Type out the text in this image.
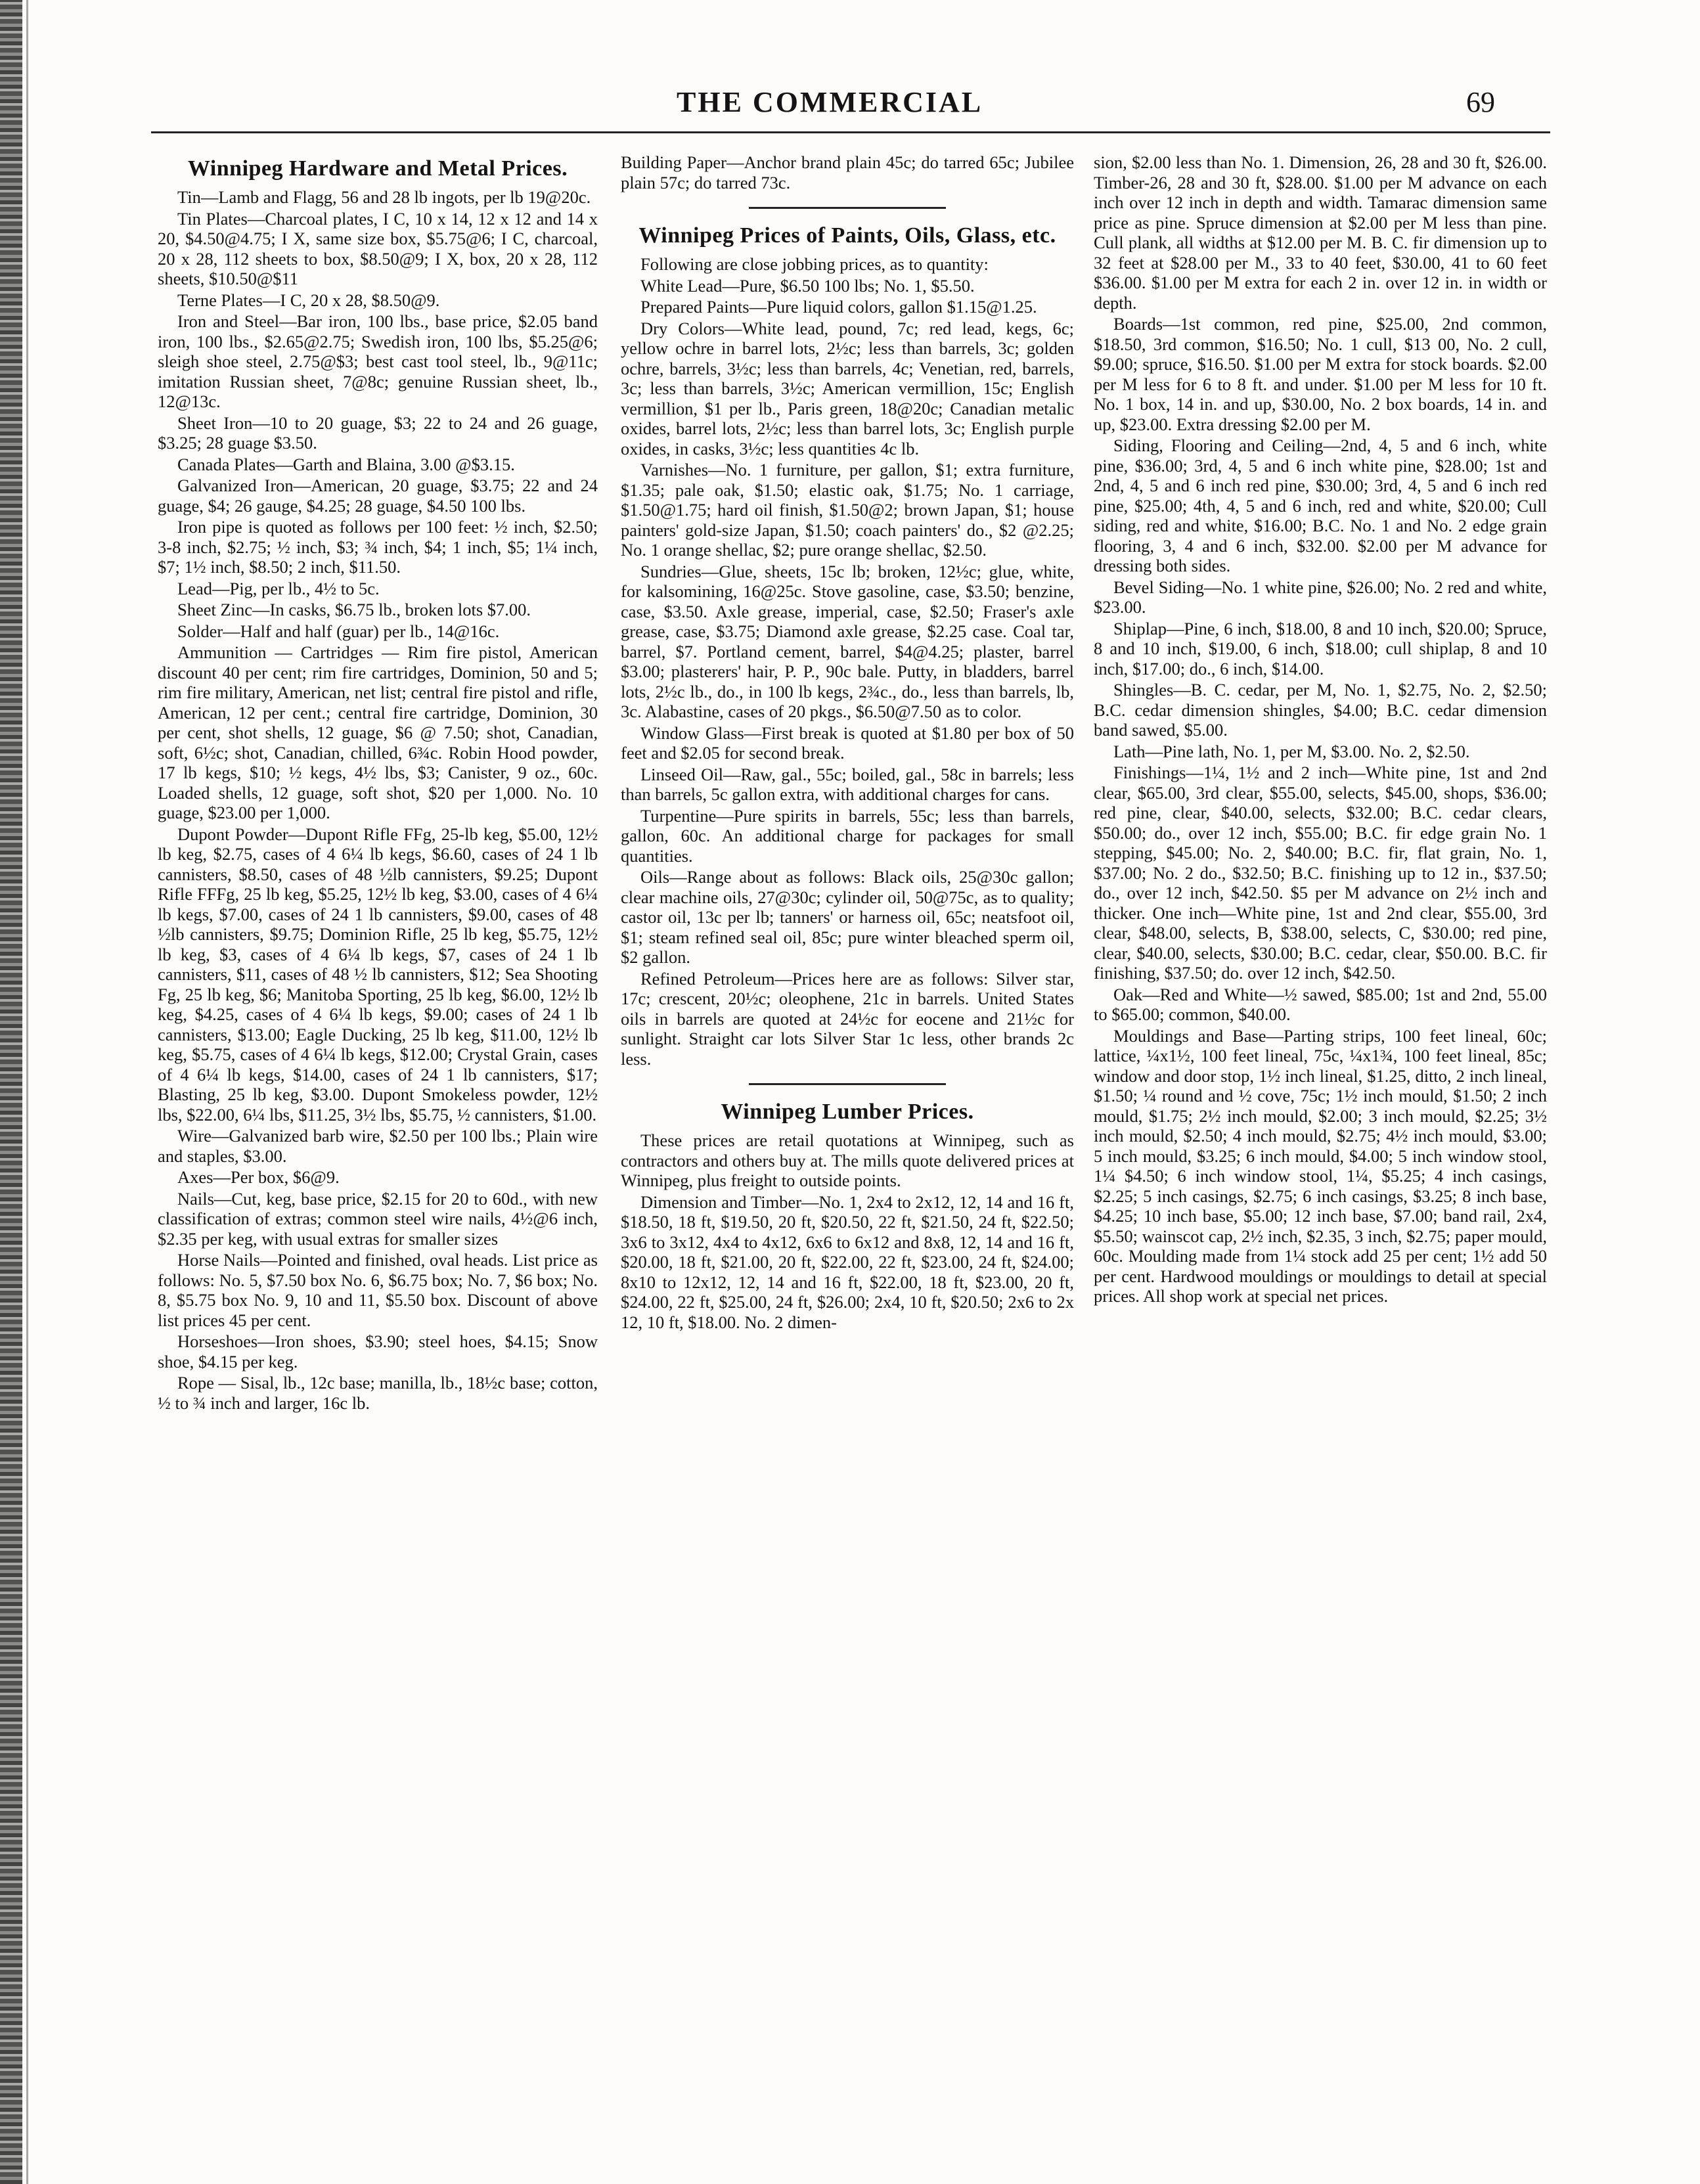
THE COMMERCIAL	69
Winnipeg Hardware and Metal Prices.

Tin—Lamb and Flagg, 56 and 28 lb ingots, per lb 19@20c.

Tin Plates—Charcoal plates, I C, 10 x 14, 12 x 12 and 14 x 20, $4.50@4.75; I X, same size box, $5.75@6; I C, charcoal, 20 x 28, 112 sheets to box, $8.50@9; I X, box, 20 x 28, 112 sheets, $10.50@$11

Terne Plates—I C, 20 x 28, $8.50@9.

Iron and Steel—Bar iron, 100 lbs., base price, $2.05 band iron, 100 lbs., $2.65@2.75; Swedish iron, 100 lbs, $5.25@6; sleigh shoe steel, 2.75@$3; best cast tool steel, lb., 9@11c; imitation Russian sheet, 7@8c; genuine Russian sheet, lb., 12@13c.

Sheet Iron—10 to 20 guage, $3; 22 to 24 and 26 guage, $3.25; 28 guage $3.50.

Canada Plates—Garth and Blaina, 3.00 @$3.15.

Galvanized Iron—American, 20 guage, $3.75; 22 and 24 guage, $4; 26 gauge, $4.25; 28 guage, $4.50 100 lbs.

Iron pipe is quoted as follows per 100 feet: ½ inch, $2.50; 3-8 inch, $2.75; ½ inch, $3; ¾ inch, $4; 1 inch, $5; 1¼ inch, $7; 1½ inch, $8.50; 2 inch, $11.50.

Lead—Pig, per lb., 4½ to 5c.

Sheet Zinc—In casks, $6.75 lb., broken lots $7.00.

Solder—Half and half (guar) per lb., 14@16c.

Ammunition — Cartridges — Rim fire pistol, American discount 40 per cent; rim fire cartridges, Dominion, 50 and 5; rim fire military, American, net list; central fire pistol and rifle, American, 12 per cent.; central fire cartridge, Dominion, 30 per cent, shot shells, 12 guage, $6 @ 7.50; shot, Canadian, soft, 6½c; shot, Canadian, chilled, 6¾c. Robin Hood powder, 17 lb kegs, $10; ½ kegs, 4½ lbs, $3; Canister, 9 oz., 60c. Loaded shells, 12 guage, soft shot, $20 per 1,000. No. 10 guage, $23.00 per 1,000.

Dupont Powder—Dupont Rifle FFg, 25-lb keg, $5.00, 12½ lb keg, $2.75, cases of 4 6¼ lb kegs, $6.60, cases of 24 1 lb cannisters, $8.50, cases of 48 ½lb cannisters, $9.25; Dupont Rifle FFFg, 25 lb keg, $5.25, 12½ lb keg, $3.00, cases of 4 6¼ lb kegs, $7.00, cases of 24 1 lb cannisters, $9.00, cases of 48 ½lb cannisters, $9.75; Dominion Rifle, 25 lb keg, $5.75, 12½ lb keg, $3, cases of 4 6¼ lb kegs, $7, cases of 24 1 lb cannisters, $11, cases of 48 ½ lb cannisters, $12; Sea Shooting Fg, 25 lb keg, $6; Manitoba Sporting, 25 lb keg, $6.00, 12½ lb keg, $4.25, cases of 4 6¼ lb kegs, $9.00; cases of 24 1 lb cannisters, $13.00; Eagle Ducking, 25 lb keg, $11.00, 12½ lb keg, $5.75, cases of 4 6¼ lb kegs, $12.00; Crystal Grain, cases of 4 6¼ lb kegs, $14.00, cases of 24 1 lb cannisters, $17; Blasting, 25 lb keg, $3.00. Dupont Smokeless powder, 12½ lbs, $22.00, 6¼ lbs, $11.25, 3½ lbs, $5.75, ½ cannisters, $1.00.

Wire—Galvanized barb wire, $2.50 per 100 lbs.; Plain wire and staples, $3.00.

Axes—Per box, $6@9.

Nails—Cut, keg, base price, $2.15 for 20 to 60d., with new classification of extras; common steel wire nails, 4½@6 inch, $2.35 per keg, with usual extras for smaller sizes

Horse Nails—Pointed and finished, oval heads. List price as follows: No. 5, $7.50 box No. 6, $6.75 box; No. 7, $6 box; No. 8, $5.75 box No. 9, 10 and 11, $5.50 box. Discount of above list prices 45 per cent.

Horseshoes—Iron shoes, $3.90; steel hoes, $4.15; Snow shoe, $4.15 per keg.

Rope — Sisal, lb., 12c base; manilla, lb., 18½c base; cotton, ½ to ¾ inch and larger, 16c lb.

Building Paper—Anchor brand plain 45c; do tarred 65c; Jubilee plain 57c; do tarred 73c.

Winnipeg Prices of Paints, Oils, Glass, etc.

Following are close jobbing prices, as to quantity:

White Lead—Pure, $6.50 100 lbs; No. 1, $5.50.

Prepared Paints—Pure liquid colors, gallon $1.15@1.25.

Dry Colors—White lead, pound, 7c; red lead, kegs, 6c; yellow ochre in barrel lots, 2½c; less than barrels, 3c; golden ochre, barrels, 3½c; less than barrels, 4c; Venetian, red, barrels, 3c; less than barrels, 3½c; American vermillion, 15c; English vermillion, $1 per lb., Paris green, 18@20c; Canadian metalic oxides, barrel lots, 2½c; less than barrel lots, 3c; English purple oxides, in casks, 3½c; less quantities 4c lb.

Varnishes—No. 1 furniture, per gallon, $1; extra furniture, $1.35; pale oak, $1.50; elastic oak, $1.75; No. 1 carriage, $1.50@1.75; hard oil finish, $1.50@2; brown Japan, $1; house painters' gold-size Japan, $1.50; coach painters' do., $2 @2.25; No. 1 orange shellac, $2; pure orange shellac, $2.50.

Sundries—Glue, sheets, 15c lb; broken, 12½c; glue, white, for kalsomining, 16@25c. Stove gasoline, case, $3.50; benzine, case, $3.50. Axle grease, imperial, case, $2.50; Fraser's axle grease, case, $3.75; Diamond axle grease, $2.25 case. Coal tar, barrel, $7. Portland cement, barrel, $4@4.25; plaster, barrel $3.00; plasterers' hair, P. P., 90c bale. Putty, in bladders, barrel lots, 2½c lb., do., in 100 lb kegs, 2¾c., do., less than barrels, lb, 3c. Alabastine, cases of 20 pkgs., $6.50@7.50 as to color.

Window Glass—First break is quoted at $1.80 per box of 50 feet and $2.05 for second break.

Linseed Oil—Raw, gal., 55c; boiled, gal., 58c in barrels; less than barrels, 5c gallon extra, with additional charges for cans.

Turpentine—Pure spirits in barrels, 55c; less than barrels, gallon, 60c. An additional charge for packages for small quantities.

Oils—Range about as follows: Black oils, 25@30c gallon; clear machine oils, 27@30c; cylinder oil, 50@75c, as to quality; castor oil, 13c per lb; tanners' or harness oil, 65c; neatsfoot oil, $1; steam refined seal oil, 85c; pure winter bleached sperm oil, $2 gallon.

Refined Petroleum—Prices here are as follows: Silver star, 17c; crescent, 20½c; oleophene, 21c in barrels. United States oils in barrels are quoted at 24½c for eocene and 21½c for sunlight. Straight car lots Silver Star 1c less, other brands 2c less.

Winnipeg Lumber Prices.

These prices are retail quotations at Winnipeg, such as contractors and others buy at. The mills quote delivered prices at Winnipeg, plus freight to outside points.

Dimension and Timber—No. 1, 2x4 to 2x12, 12, 14 and 16 ft, $18.50, 18 ft, $19.50, 20 ft, $20.50, 22 ft, $21.50, 24 ft, $22.50; 3x6 to 3x12, 4x4 to 4x12, 6x6 to 6x12 and 8x8, 12, 14 and 16 ft, $20.00, 18 ft, $21.00, 20 ft, $22.00, 22 ft, $23.00, 24 ft, $24.00; 8x10 to 12x12, 12, 14 and 16 ft, $22.00, 18 ft, $23.00, 20 ft, $24.00, 22 ft, $25.00, 24 ft, $26.00; 2x4, 10 ft, $20.50; 2x6 to 2x 12, 10 ft, $18.00. No. 2 dimen-

sion, $2.00 less than No. 1. Dimension, 26, 28 and 30 ft, $26.00. Timber-26, 28 and 30 ft, $28.00. $1.00 per M advance on each inch over 12 inch in depth and width. Tamarac dimension same price as pine. Spruce dimension at $2.00 per M less than pine. Cull plank, all widths at $12.00 per M. B. C. fir dimension up to 32 feet at $28.00 per M., 33 to 40 feet, $30.00, 41 to 60 feet $36.00. $1.00 per M extra for each 2 in. over 12 in. in width or depth.

Boards—1st common, red pine, $25.00, 2nd common, $18.50, 3rd common, $16.50; No. 1 cull, $13 00, No. 2 cull, $9.00; spruce, $16.50. $1.00 per M extra for stock boards. $2.00 per M less for 6 to 8 ft. and under. $1.00 per M less for 10 ft. No. 1 box, 14 in. and up, $30.00, No. 2 box boards, 14 in. and up, $23.00. Extra dressing $2.00 per M.

Siding, Flooring and Ceiling—2nd, 4, 5 and 6 inch, white pine, $36.00; 3rd, 4, 5 and 6 inch white pine, $28.00; 1st and 2nd, 4, 5 and 6 inch red pine, $30.00; 3rd, 4, 5 and 6 inch red pine, $25.00; 4th, 4, 5 and 6 inch, red and white, $20.00; Cull siding, red and white, $16.00; B.C. No. 1 and No. 2 edge grain flooring, 3, 4 and 6 inch, $32.00. $2.00 per M advance for dressing both sides.

Bevel Siding—No. 1 white pine, $26.00; No. 2 red and white, $23.00.

Shiplap—Pine, 6 inch, $18.00, 8 and 10 inch, $20.00; Spruce, 8 and 10 inch, $19.00, 6 inch, $18.00; cull shiplap, 8 and 10 inch, $17.00; do., 6 inch, $14.00.

Shingles—B. C. cedar, per M, No. 1, $2.75, No. 2, $2.50; B.C. cedar dimension shingles, $4.00; B.C. cedar dimension band sawed, $5.00.

Lath—Pine lath, No. 1, per M, $3.00. No. 2, $2.50.

Finishings—1¼, 1½ and 2 inch—White pine, 1st and 2nd clear, $65.00, 3rd clear, $55.00, selects, $45.00, shops, $36.00; red pine, clear, $40.00, selects, $32.00; B.C. cedar clears, $50.00; do., over 12 inch, $55.00; B.C. fir edge grain No. 1 stepping, $45.00; No. 2, $40.00; B.C. fir, flat grain, No. 1, $37.00; No. 2 do., $32.50; B.C. finishing up to 12 in., $37.50; do., over 12 inch, $42.50. $5 per M advance on 2½ inch and thicker. One inch—White pine, 1st and 2nd clear, $55.00, 3rd clear, $48.00, selects, B, $38.00, selects, C, $30.00; red pine, clear, $40.00, selects, $30.00; B.C. cedar, clear, $50.00. B.C. fir finishing, $37.50; do. over 12 inch, $42.50.

Oak—Red and White—½ sawed, $85.00; 1st and 2nd, 55.00 to $65.00; common, $40.00.

Mouldings and Base—Parting strips, 100 feet lineal, 60c; lattice, ¼x1½, 100 feet lineal, 75c, ¼x1¾, 100 feet lineal, 85c; window and door stop, 1½ inch lineal, $1.25, ditto, 2 inch lineal, $1.50; ¼ round and ½ cove, 75c; 1½ inch mould, $1.50; 2 inch mould, $1.75; 2½ inch mould, $2.00; 3 inch mould, $2.25; 3½ inch mould, $2.50; 4 inch mould, $2.75; 4½ inch mould, $3.00; 5 inch mould, $3.25; 6 inch mould, $4.00; 5 inch window stool, 1¼ $4.50; 6 inch window stool, 1¼, $5.25; 4 inch casings, $2.25; 5 inch casings, $2.75; 6 inch casings, $3.25; 8 inch base, $4.25; 10 inch base, $5.00; 12 inch base, $7.00; band rail, 2x4, $5.50; wainscot cap, 2½ inch, $2.35, 3 inch, $2.75; paper mould, 60c. Moulding made from 1¼ stock add 25 per cent; 1½ add 50 per cent. Hardwood mouldings or mouldings to detail at special prices. All shop work at special net prices.
